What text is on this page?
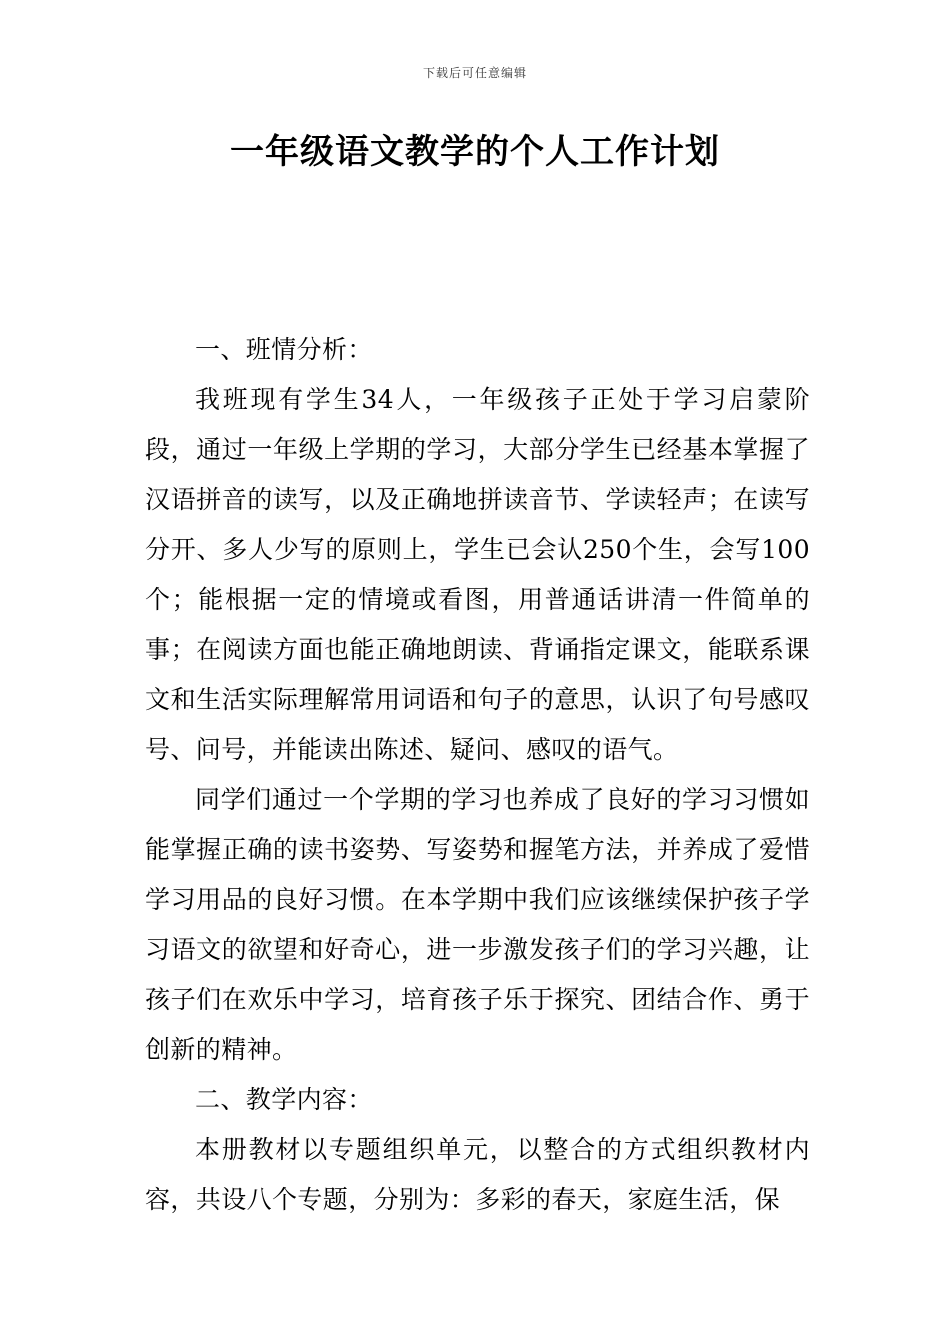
下载后可任意编辑
一年级语文教学的个人工作计划

一、班情分析：

我班现有学生34人，一年级孩子正处于学习启蒙阶段，通过一年级上学期的学习，大部分学生已经基本掌握了汉语拼音的读写，以及正确地拼读音节、学读轻声；在读写分开、多人少写的原则上，学生已会认250个生，会写100个；能根据一定的情境或看图，用普通话讲清一件简单的事；在阅读方面也能正确地朗读、背诵指定课文，能联系课文和生活实际理解常用词语和句子的意思，认识了句号感叹号、问号，并能读出陈述、疑问、感叹的语气。

同学们通过一个学期的学习也养成了良好的学习习惯如能掌握正确的读书姿势、写姿势和握笔方法，并养成了爱惜学习用品的良好习惯。在本学期中我们应该继续保护孩子学习语文的欲望和好奇心，进一步激发孩子们的学习兴趣，让孩子们在欢乐中学习，培育孩子乐于探究、团结合作、勇于创新的精神。

二、教学内容：

本册教材以专题组织单元，以整合的方式组织教材内容，共设八个专题，分别为：多彩的春天，家庭生活，保
